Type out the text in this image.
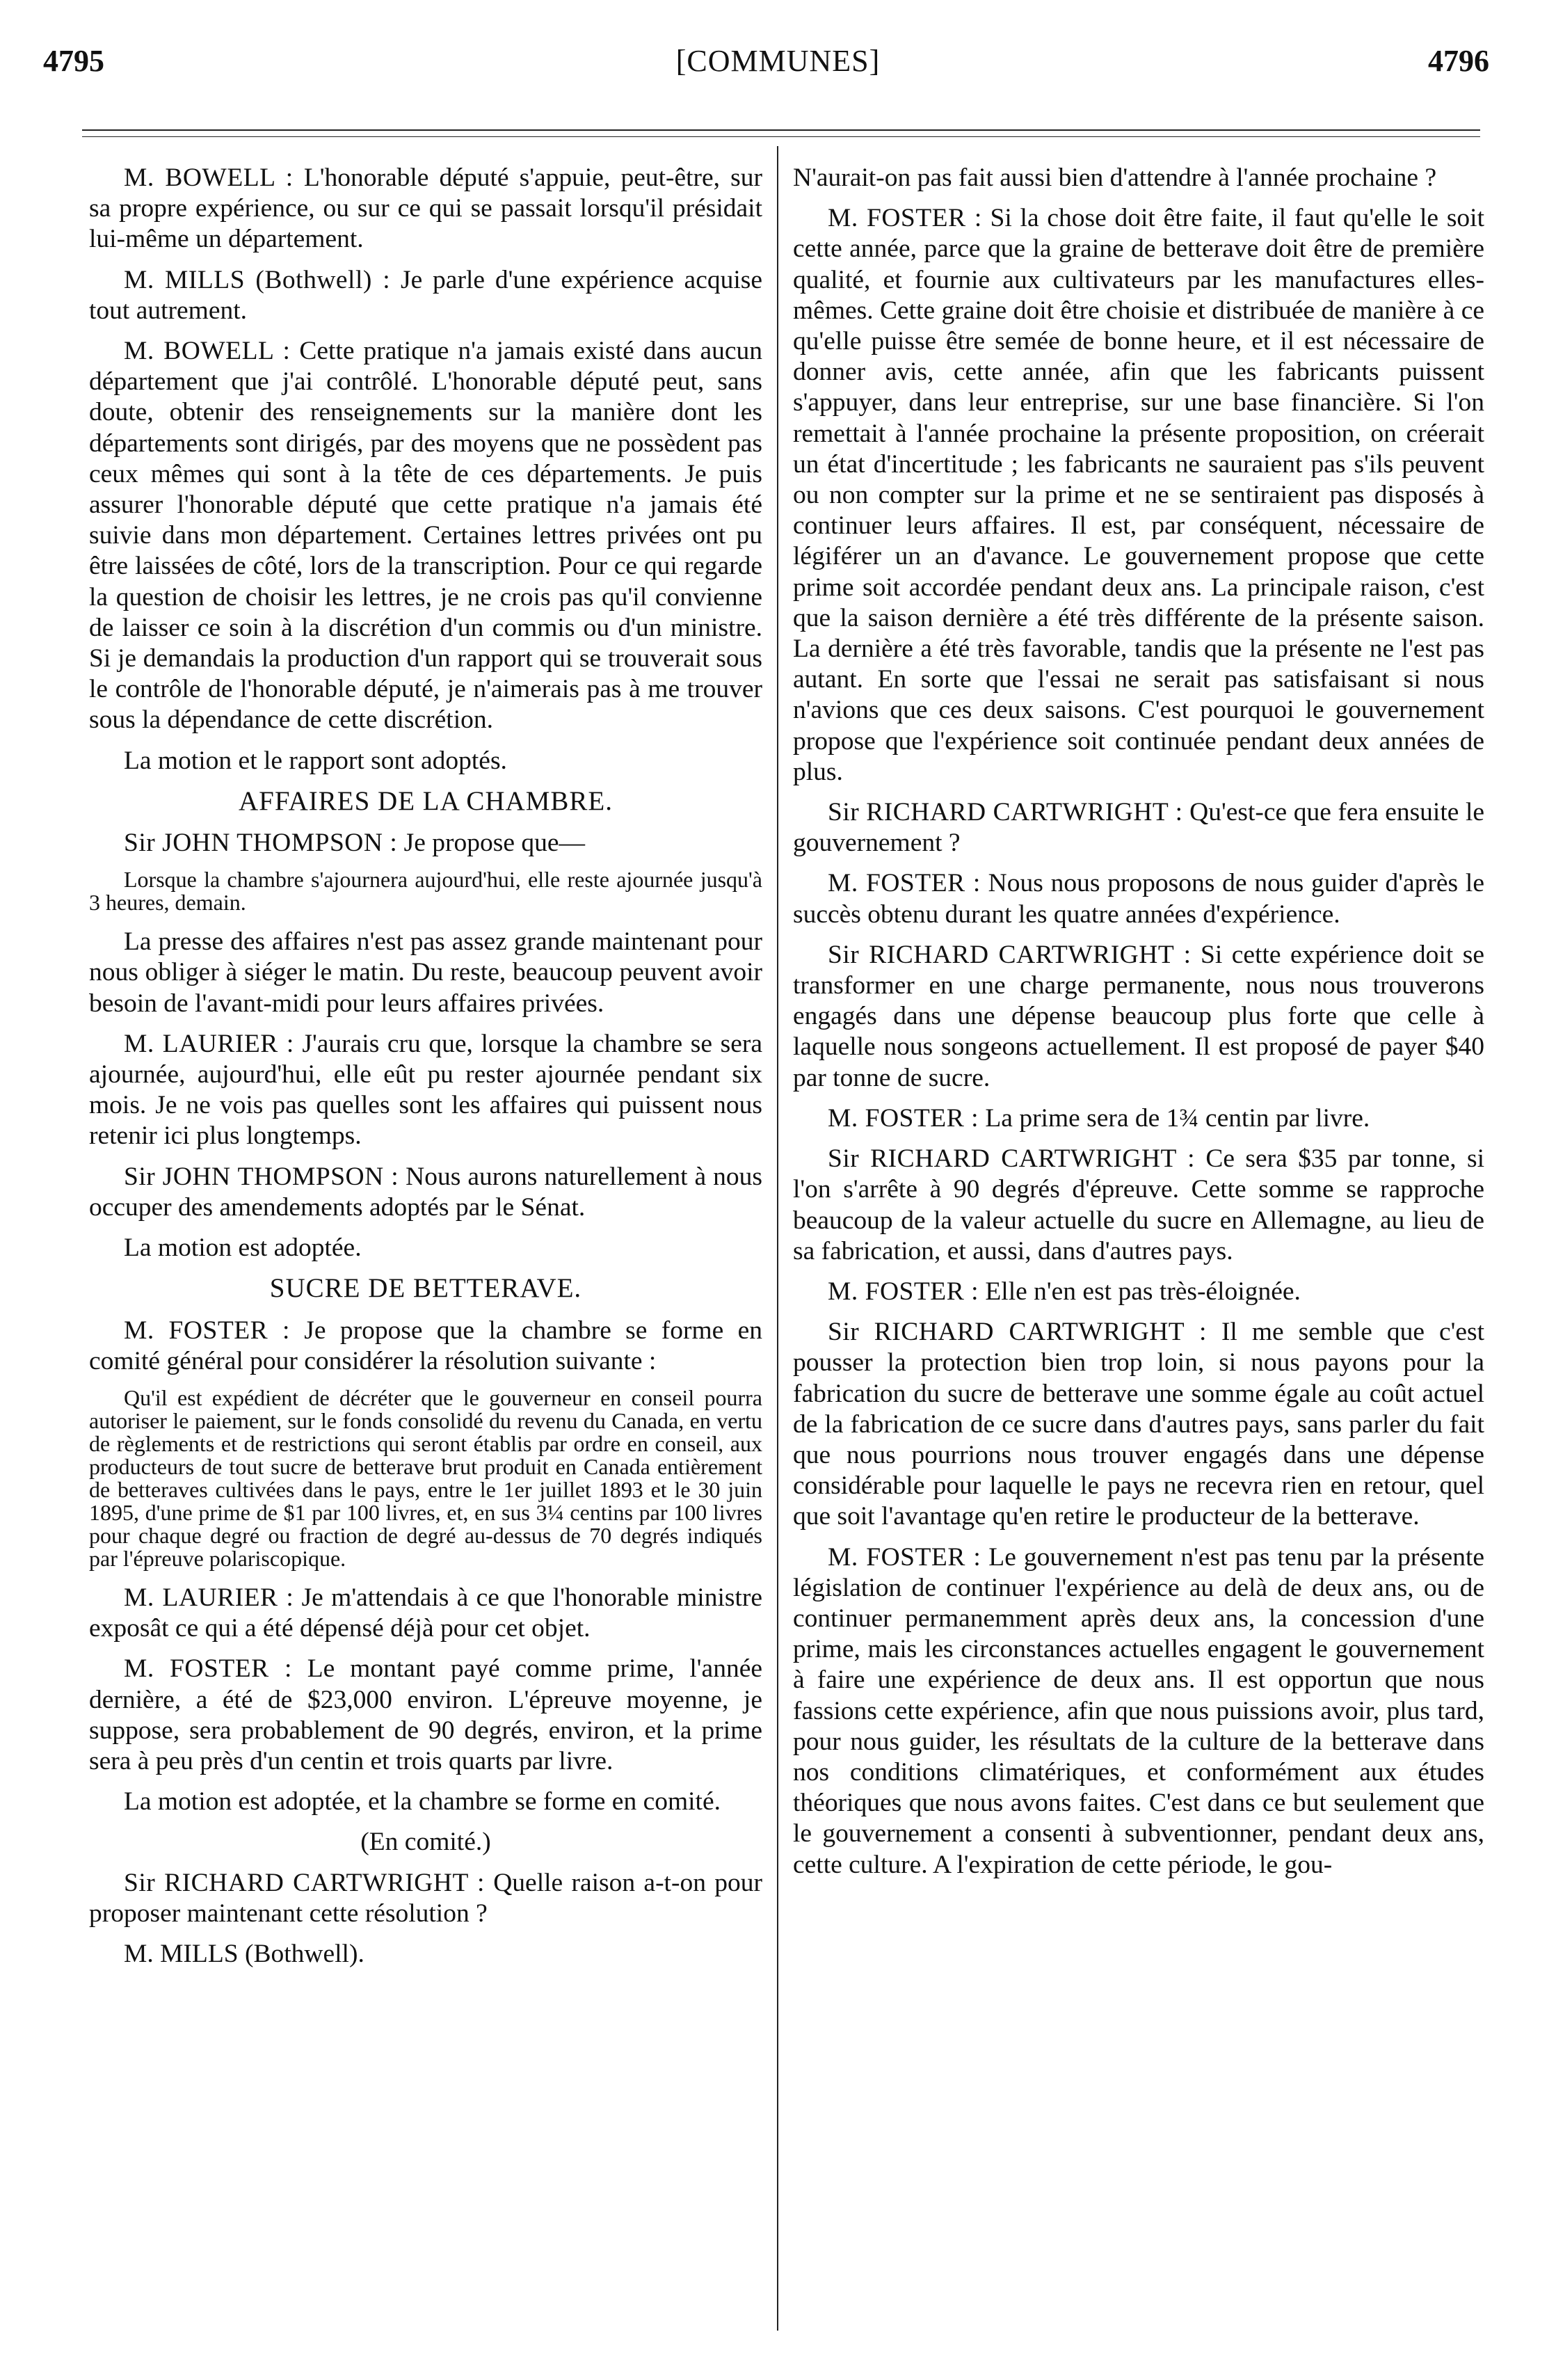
[COMMUNES]
4795	4796

M. BOWELL : L'honorable député s'appuie, peut-être, sur sa propre expérience, ou sur ce qui se passait lorsqu'il présidait lui-même un département.

M. MILLS (Bothwell) : Je parle d'une expérience acquise tout autrement.

M. BOWELL : Cette pratique n'a jamais existé dans aucun département que j'ai contrôlé. L'honorable député peut, sans doute, obtenir des renseignements sur la manière dont les départements sont dirigés, par des moyens que ne possèdent pas ceux mêmes qui sont à la tête de ces départements. Je puis assurer l'honorable député que cette pratique n'a jamais été suivie dans mon département. Certaines lettres privées ont pu être laissées de côté, lors de la transcription. Pour ce qui regarde la question de choisir les lettres, je ne crois pas qu'il convienne de laisser ce soin à la discrétion d'un commis ou d'un ministre. Si je demandais la production d'un rapport qui se trouverait sous le contrôle de l'honorable député, je n'aimerais pas à me trouver sous la dépendance de cette discrétion.

La motion et le rapport sont adoptés.

AFFAIRES DE LA CHAMBRE.

Sir JOHN THOMPSON : Je propose que—

Lorsque la chambre s'ajournera aujourd'hui, elle reste ajournée jusqu'à 3 heures, demain.

La presse des affaires n'est pas assez grande maintenant pour nous obliger à siéger le matin. Du reste, beaucoup peuvent avoir besoin de l'avant-midi pour leurs affaires privées.

M. LAURIER : J'aurais cru que, lorsque la chambre se sera ajournée, aujourd'hui, elle eût pu rester ajournée pendant six mois. Je ne vois pas quelles sont les affaires qui puissent nous retenir ici plus longtemps.

Sir JOHN THOMPSON : Nous aurons naturellement à nous occuper des amendements adoptés par le Sénat.

La motion est adoptée.

SUCRE DE BETTERAVE.

M. FOSTER : Je propose que la chambre se forme en comité général pour considérer la résolution suivante :

Qu'il est expédient de décréter que le gouverneur en conseil pourra autoriser le paiement, sur le fonds consolidé du revenu du Canada, en vertu de règlements et de restrictions qui seront établis par ordre en conseil, aux producteurs de tout sucre de betterave brut produit en Canada entièrement de betteraves cultivées dans le pays, entre le 1er juillet 1893 et le 30 juin 1895, d'une prime de $1 par 100 livres, et, en sus 3¼ centins par 100 livres pour chaque degré ou fraction de degré au-dessus de 70 degrés indiqués par l'épreuve polariscopique.

M. LAURIER : Je m'attendais à ce que l'honorable ministre exposât ce qui a été dépensé déjà pour cet objet.

M. FOSTER : Le montant payé comme prime, l'année dernière, a été de $23,000 environ. L'épreuve moyenne, je suppose, sera probablement de 90 degrés, environ, et la prime sera à peu près d'un centin et trois quarts par livre.

La motion est adoptée, et la chambre se forme en comité.

(En comité.)

Sir RICHARD CARTWRIGHT : Quelle raison a-t-on pour proposer maintenant cette résolution ?

M. MILLS (Bothwell).

N'aurait-on pas fait aussi bien d'attendre à l'année prochaine ?

M. FOSTER : Si la chose doit être faite, il faut qu'elle le soit cette année, parce que la graine de betterave doit être de première qualité, et fournie aux cultivateurs par les manufactures elles-mêmes. Cette graine doit être choisie et distribuée de manière à ce qu'elle puisse être semée de bonne heure, et il est nécessaire de donner avis, cette année, afin que les fabricants puissent s'appuyer, dans leur entreprise, sur une base financière. Si l'on remettait à l'année prochaine la présente proposition, on créerait un état d'incertitude ; les fabricants ne sauraient pas s'ils peuvent ou non compter sur la prime et ne se sentiraient pas disposés à continuer leurs affaires. Il est, par conséquent, nécessaire de légiférer un an d'avance. Le gouvernement propose que cette prime soit accordée pendant deux ans. La principale raison, c'est que la saison dernière a été très différente de la présente saison. La dernière a été très favorable, tandis que la présente ne l'est pas autant. En sorte que l'essai ne serait pas satisfaisant si nous n'avions que ces deux saisons. C'est pourquoi le gouvernement propose que l'expérience soit continuée pendant deux années de plus.

Sir RICHARD CARTWRIGHT : Qu'est-ce que fera ensuite le gouvernement ?

M. FOSTER : Nous nous proposons de nous guider d'après le succès obtenu durant les quatre années d'expérience.

Sir RICHARD CARTWRIGHT : Si cette expérience doit se transformer en une charge permanente, nous nous trouverons engagés dans une dépense beaucoup plus forte que celle à laquelle nous songeons actuellement. Il est proposé de payer $40 par tonne de sucre.

M. FOSTER : La prime sera de 1¾ centin par livre.

Sir RICHARD CARTWRIGHT : Ce sera $35 par tonne, si l'on s'arrête à 90 degrés d'épreuve. Cette somme se rapproche beaucoup de la valeur actuelle du sucre en Allemagne, au lieu de sa fabrication, et aussi, dans d'autres pays.

M. FOSTER : Elle n'en est pas très-éloignée.

Sir RICHARD CARTWRIGHT : Il me semble que c'est pousser la protection bien trop loin, si nous payons pour la fabrication du sucre de betterave une somme égale au coût actuel de la fabrication de ce sucre dans d'autres pays, sans parler du fait que nous pourrions nous trouver engagés dans une dépense considérable pour laquelle le pays ne recevra rien en retour, quel que soit l'avantage qu'en retire le producteur de la betterave.

M. FOSTER : Le gouvernement n'est pas tenu par la présente législation de continuer l'expérience au delà de deux ans, ou de continuer permanemment après deux ans, la concession d'une prime, mais les circonstances actuelles engagent le gouvernement à faire une expérience de deux ans. Il est opportun que nous fassions cette expérience, afin que nous puissions avoir, plus tard, pour nous guider, les résultats de la culture de la betterave dans nos conditions climatériques, et conformément aux études théoriques que nous avons faites. C'est dans ce but seulement que le gouvernement a consenti à subventionner, pendant deux ans, cette culture. A l'expiration de cette période, le gou-
